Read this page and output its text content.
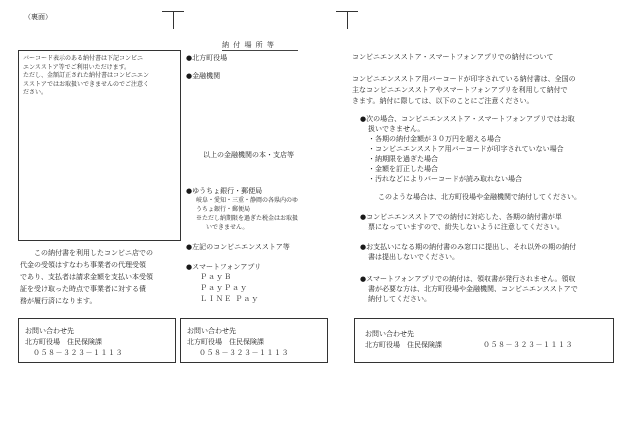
（裏面）
バーコード表示のある納付書は下記コンビニ
エンスストア等でご利用いただけます。
ただし、金額訂正された納付書はコンビニエン
スストアではお取扱いできませんのでご注意く
ださい。
この納付書を利用したコンビニ店での
代金の受領はすなわち事業者の代理受領
であり、支払者は請求金額を支払い本受領
証を受け取った時点で事業者に対する債
務が履行済になります。
お問い合わせ先
北方町役場　住民保険課
０５８－３２３－１１１３
納 付 場 所 等
●北方町役場
●金融機関
以上の金融機関の本・支店等
●ゆうちょ銀行・郵便局
岐阜・愛知・三重・静岡の各県内のゆ
うちょ銀行・郵便局
※ただし納期限を過ぎた税金はお取扱
いできません。
●左記のコンビニエンスストア等
●スマートフォンアプリ
ＰａｙＢ
ＰａｙＰａｙ
ＬＩＮＥ Ｐａｙ
お問い合わせ先
北方町役場　住民保険課
０５８－３２３－１１１３
コンビニエンスストア・スマートフォンアプリでの納付について
コンビニエンスストア用バーコードが印字されている納付書は、全国の
主なコンビニエンスストアやスマートフォンアプリを利用して納付で
きます。納付に際しては、以下のことにご注意ください。
●次の場合、コンビニエンスストア・スマートフォンアプリではお取
扱いできません。
・各期の納付金額が３０万円を超える場合
・コンビニエンスストア用バーコードが印字されていない場合
・納期限を過ぎた場合
・金額を訂正した場合
・汚れなどによりバーコードが読み取れない場合
このような場合は、北方町役場や金融機関で納付してください。
●コンビニエンスストアでの納付に対応した、各期の納付書が単
票になっていますので、紛失しないように注意してください。
●お支払いになる期の納付書のみ窓口に提出し、それ以外の期の納付
書は提出しないでください。
●スマートフォンアプリでの納付は、領収書が発行されません。領収
書が必要な方は、北方町役場や金融機関、コンビニエンスストアで
納付してください。
お問い合わせ先
北方町役場　住民保険課	０５８－３２３－１１１３
